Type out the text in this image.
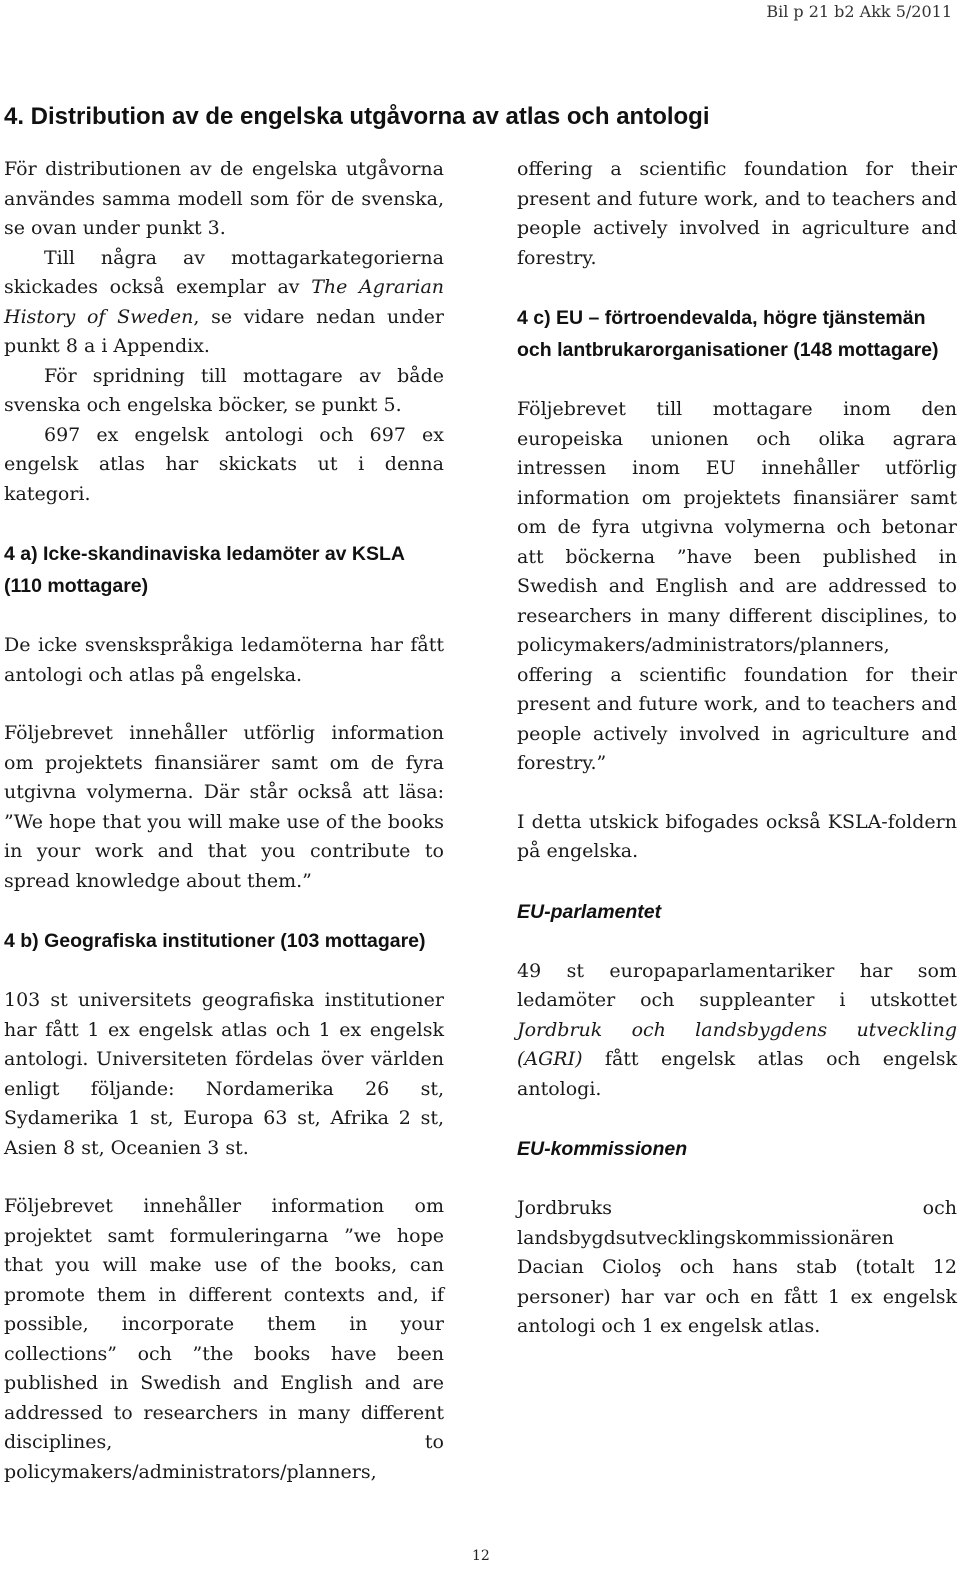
Bil p 21 b2 Akk 5/2011
4. Distribution av de engelska utgåvorna av atlas och antologi

För distributionen av de engelska utgåvorna användes samma modell som för de svenska, se ovan under punkt 3.

Till några av mottagarkategorierna skickades också exemplar av The Agrarian History of Sweden, se vidare nedan under punkt 8 a i Appendix.

För spridning till mottagare av både svenska och engelska böcker, se punkt 5.

697 ex engelsk antologi och 697 ex engelsk atlas har skickats ut i denna kategori.

4 a) Icke-skandinaviska ledamöter av KSLA (110 mottagare)

De icke svenskspråkiga ledamöterna har fått antologi och atlas på engelska.

Följebrevet innehåller utförlig information om projektets finansiärer samt om de fyra utgivna volymerna. Där står också att läsa: ”We hope that you will make use of the books in your work and that you contribute to spread knowledge about them.”

4 b) Geografiska institutioner (103 mottagare)

103 st universitets geografiska institutioner har fått 1 ex engelsk atlas och 1 ex engelsk antologi. Universiteten fördelas över världen enligt följande: Nordamerika 26 st, Sydamerika 1 st, Europa 63 st, Afrika 2 st, Asien 8 st, Oceanien 3 st.

Följebrevet innehåller information om projektet samt formuleringarna ”we hope that you will make use of the books, can promote them in different contexts and, if possible, incorporate them in your collections” och ”the books have been published in Swedish and English and are addressed to researchers in many different disciplines, to policymakers/administrators/planners,

offering a scientific foundation for their present and future work, and to teachers and people actively involved in agriculture and forestry.

4 c) EU – förtroendevalda, högre tjänstemän och lantbrukarorganisationer (148 mottagare)

Följebrevet till mottagare inom den europeiska unionen och olika agrara intressen inom EU innehåller utförlig information om projektets finansiärer samt om de fyra utgivna volymerna och betonar att böckerna ”have been published in Swedish and English and are addressed to researchers in many different disciplines, to policymakers/administrators/planners, offering a scientific foundation for their present and future work, and to teachers and people actively involved in agriculture and forestry.”

I detta utskick bifogades också KSLA-foldern på engelska.

EU-parlamentet

49 st europaparlamentariker har som ledamöter och suppleanter i utskottet Jordbruk och landsbygdens utveckling (AGRI) fått engelsk atlas och engelsk antologi.

EU-kommissionen

Jordbruks och landsbygdsutvecklingskommissionären Dacian Cioloş och hans stab (totalt 12 personer) har var och en fått 1 ex engelsk antologi och 1 ex engelsk atlas.

12
